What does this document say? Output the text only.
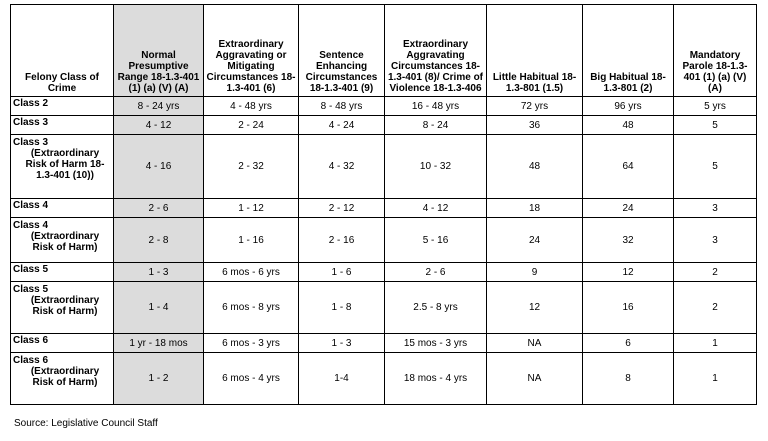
Felony Class of Crime	Normal Presumptive Range 18-1.3-401 (1) (a) (V) (A)	Extraordinary Aggravating or Mitigating Circumstances 18-1.3-401 (6)	Sentence Enhancing Circumstances 18-1.3-401 (9)	Extraordinary Aggravating Circumstances 18-1.3-401 (8)/ Crime of Violence 18-1.3-406	Little Habitual 18-1.3-801 (1.5)	Big Habitual 18-1.3-801 (2)	Mandatory Parole 18-1.3-401 (1) (a) (V) (A)

Class 2	8 - 24 yrs	4 - 48 yrs	8 - 48 yrs	16 - 48 yrs	72 yrs	96 yrs	5 yrs

Class 3	4 - 12	2 - 24	4 - 24	8 - 24	36	48	5

Class 3
(Extraordinary Risk of Harm 18-1.3-401 (10))	4 - 16	2 - 32	4 - 32	10 - 32	48	64	5

Class 4	2 - 6	1 - 12	2 - 12	4 - 12	18	24	3

Class 4
(Extraordinary Risk of Harm)	2 - 8	1 - 16	2 - 16	5 - 16	24	32	3

Class 5	1 - 3	6 mos - 6 yrs	1 - 6	2 - 6	9	12	2

Class 5
(Extraordinary Risk of Harm)	1 - 4	6 mos - 8 yrs	1 - 8	2.5 - 8 yrs	12	16	2

Class 6	1 yr - 18 mos	6 mos - 3 yrs	1 - 3	15 mos - 3 yrs	NA	6	1

Class 6
(Extraordinary Risk of Harm)	1 - 2	6 mos - 4 yrs	1-4	18 mos - 4 yrs	NA	8	1
Source: Legislative Council Staff
